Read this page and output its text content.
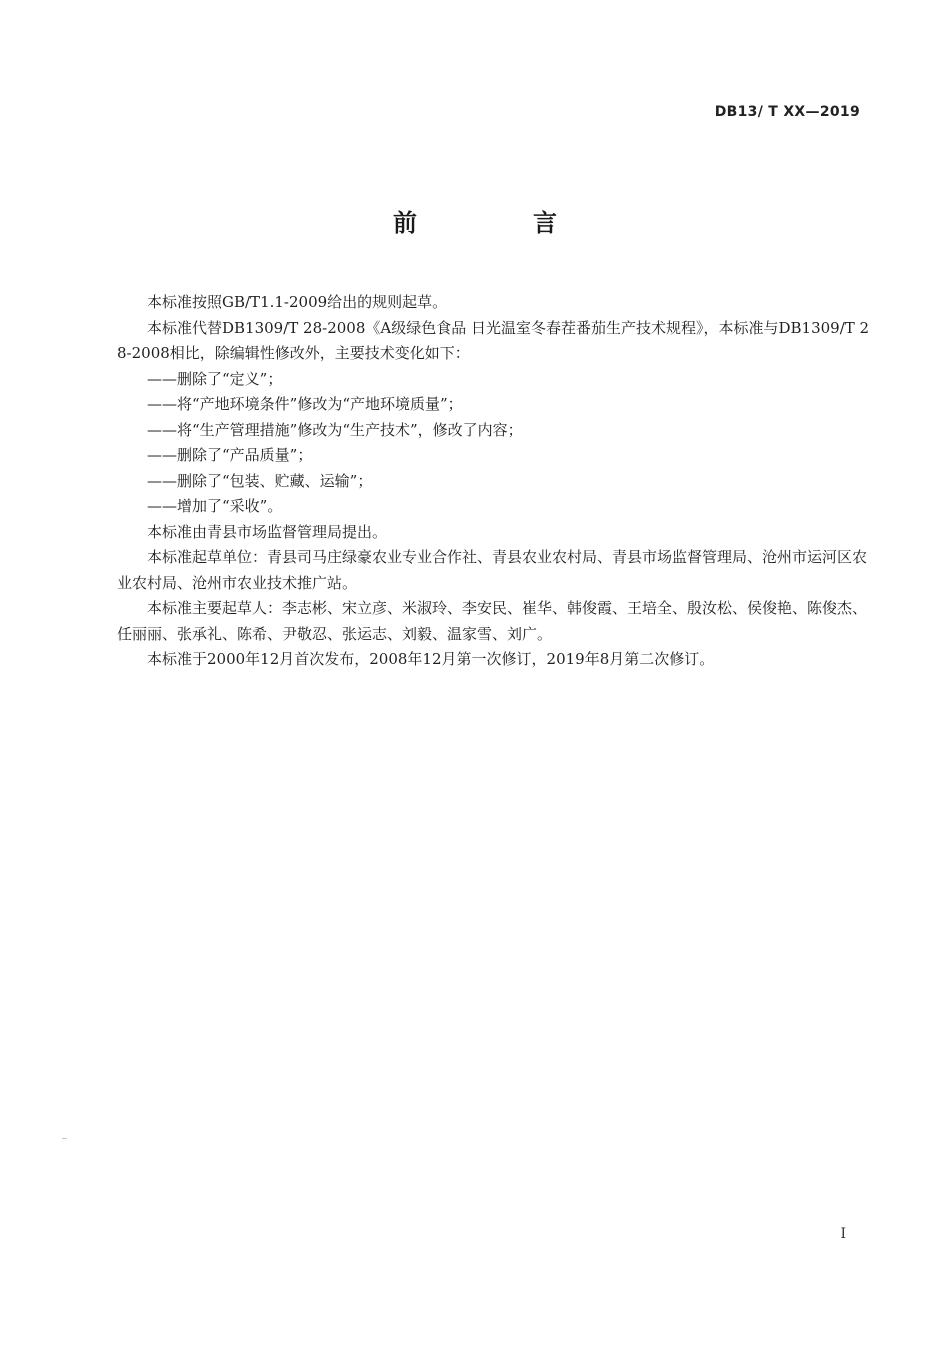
DB13/ T XX—2019
前　言

本标准按照GB/T1.1-2009给出的规则起草。

本标准代替DB1309/T 28-2008《A级绿色食品 日光温室冬春茬番茄生产技术规程》，本标准与DB1309/T 28-2008相比，除编辑性修改外，主要技术变化如下：

——删除了“定义”；

——将“产地环境条件”修改为“产地环境质量”；

——将“生产管理措施”修改为“生产技术”，修改了内容；

——删除了“产品质量”；

——删除了“包装、贮藏、运输”；

——增加了“采收”。

本标准由青县市场监督管理局提出。

本标准起草单位：青县司马庄绿豪农业专业合作社、青县农业农村局、青县市场监督管理局、沧州市运河区农业农村局、沧州市农业技术推广站。

本标准主要起草人：李志彬、宋立彦、米淑玲、李安民、崔华、韩俊霞、王培全、殷汝松、侯俊艳、陈俊杰、任丽丽、张承礼、陈希、尹敬忍、张运志、刘毅、温家雪、刘广。

本标准于2000年12月首次发布，2008年12月第一次修订，2019年8月第二次修订。

I
